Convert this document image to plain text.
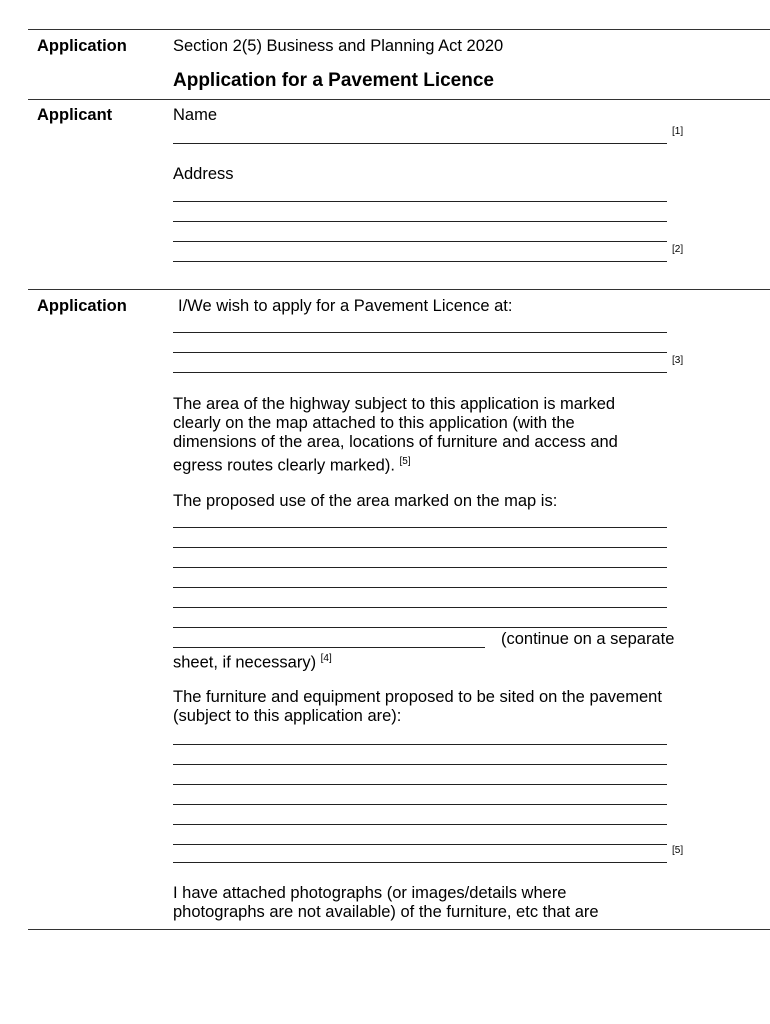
Application	Section 2(5) Business and Planning Act 2020
Application for a Pavement Licence
Applicant	Name
[1]
Address
[2]
Application	I/We wish to apply for a Pavement Licence at:
[3]
The area of the highway subject to this application is marked
clearly on the map attached to this application (with the
dimensions of the area, locations of furniture and access and
egress routes clearly marked). [5]
The proposed use of the area marked on the map is:
(continue on a separate
sheet, if necessary) [4]
The furniture and equipment proposed to be sited on the pavement
(subject to this application are):
[5]
I have attached photographs (or images/details where
photographs are not available) of the furniture, etc that are
